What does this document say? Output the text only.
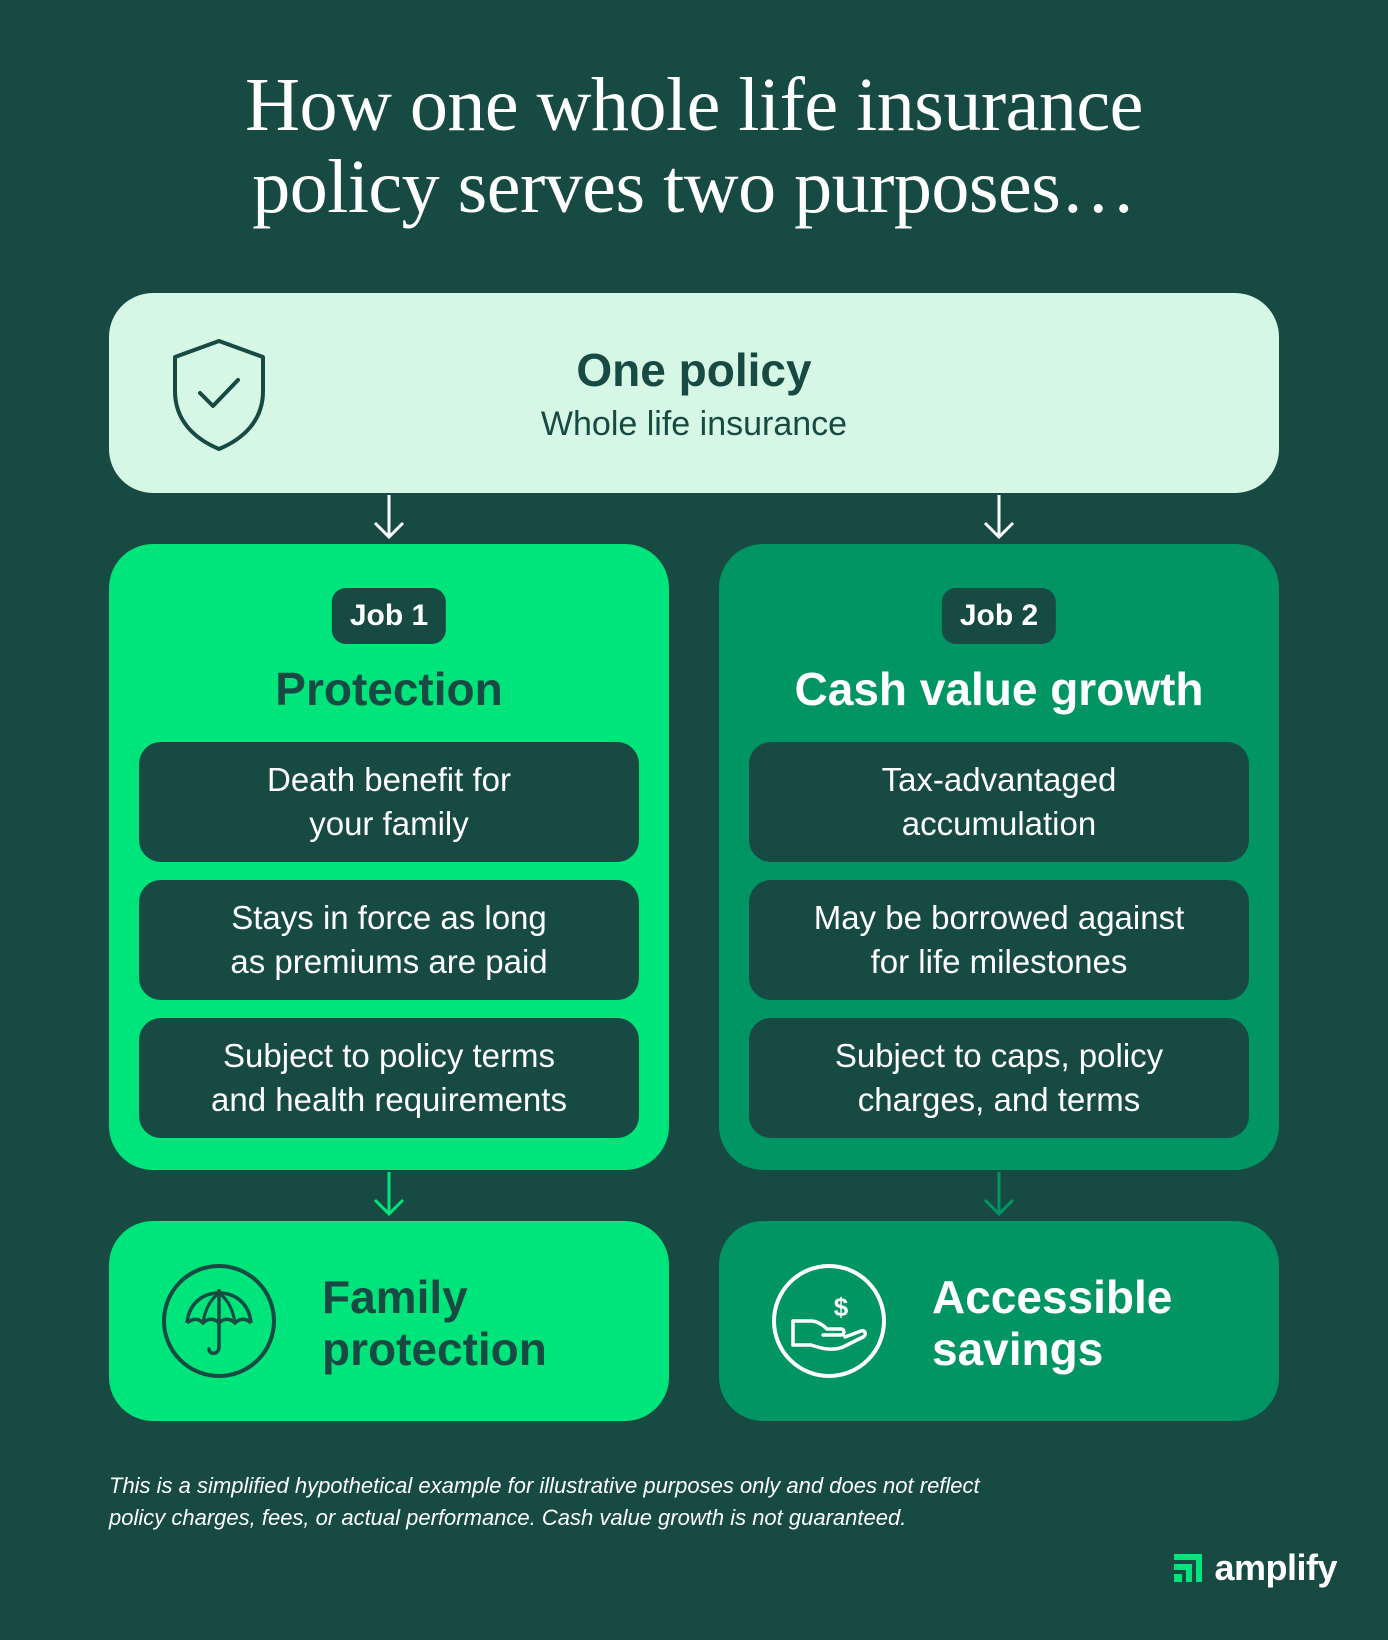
How one whole life insurance
policy serves two purposes…
One policy
Whole life insurance
Job 1
Protection
Death benefit for
your family
Stays in force as long
as premiums are paid
Subject to policy terms
and health requirements
Job 2
Cash value growth
Tax-advantaged
accumulation
May be borrowed against
for life milestones
Subject to caps, policy
charges, and terms
Family
protection
$ Accessible
savings
This is a simplified hypothetical example for illustrative purposes only and does not reflect
policy charges, fees, or actual performance. Cash value growth is not guaranteed.
amplify
